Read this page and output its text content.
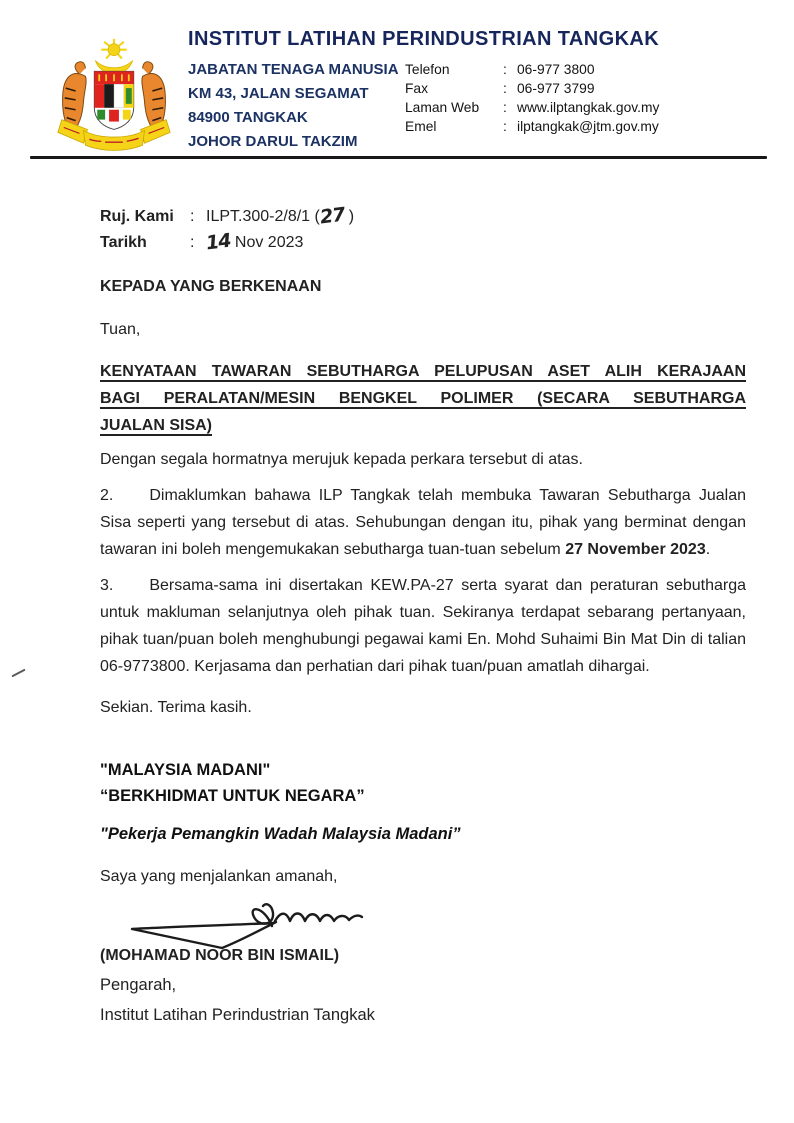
INSTITUT LATIHAN PERINDUSTRIAN TANGKAK
JABATAN TENAGA MANUSIA
KM 43, JALAN SEGAMAT
84900 TANGKAK
JOHOR DARUL TAKZIM
Telefon	: 06-977 3800
Fax	: 06-977 3799
Laman Web	: www.ilptangkak.gov.my
Emel	: ilptangkak@jtm.gov.my
Ruj. Kami	: ILPT.300-2/8/1 (27 )
Tarikh	: 14 Nov 2023
KEPADA YANG BERKENAAN
Tuan,
KENYATAAN TAWARAN SEBUTHARGA PELUPUSAN ASET ALIH KERAJAAN
BAGI PERALATAN/MESIN BENGKEL POLIMER (SECARA SEBUTHARGA
JUALAN SISA)
Dengan segala hormatnya merujuk kepada perkara tersebut di atas.
2. Dimaklumkan bahawa ILP Tangkak telah membuka Tawaran Sebutharga Jualan Sisa seperti yang tersebut di atas. Sehubungan dengan itu, pihak yang berminat dengan tawaran ini boleh mengemukakan sebutharga tuan-tuan sebelum 27 November 2023.
3. Bersama-sama ini disertakan KEW.PA-27 serta syarat dan peraturan sebutharga untuk makluman selanjutnya oleh pihak tuan. Sekiranya terdapat sebarang pertanyaan, pihak tuan/puan boleh menghubungi pegawai kami En. Mohd Suhaimi Bin Mat Din di talian 06-9773800. Kerjasama dan perhatian dari pihak tuan/puan amatlah dihargai.
Sekian. Terima kasih.
"MALAYSIA MADANI"
“BERKHIDMAT UNTUK NEGARA”
"Pekerja Pemangkin Wadah Malaysia Madani”
Saya yang menjalankan amanah,
(MOHAMAD NOOR BIN ISMAIL)
Pengarah,
Institut Latihan Perindustrian Tangkak
